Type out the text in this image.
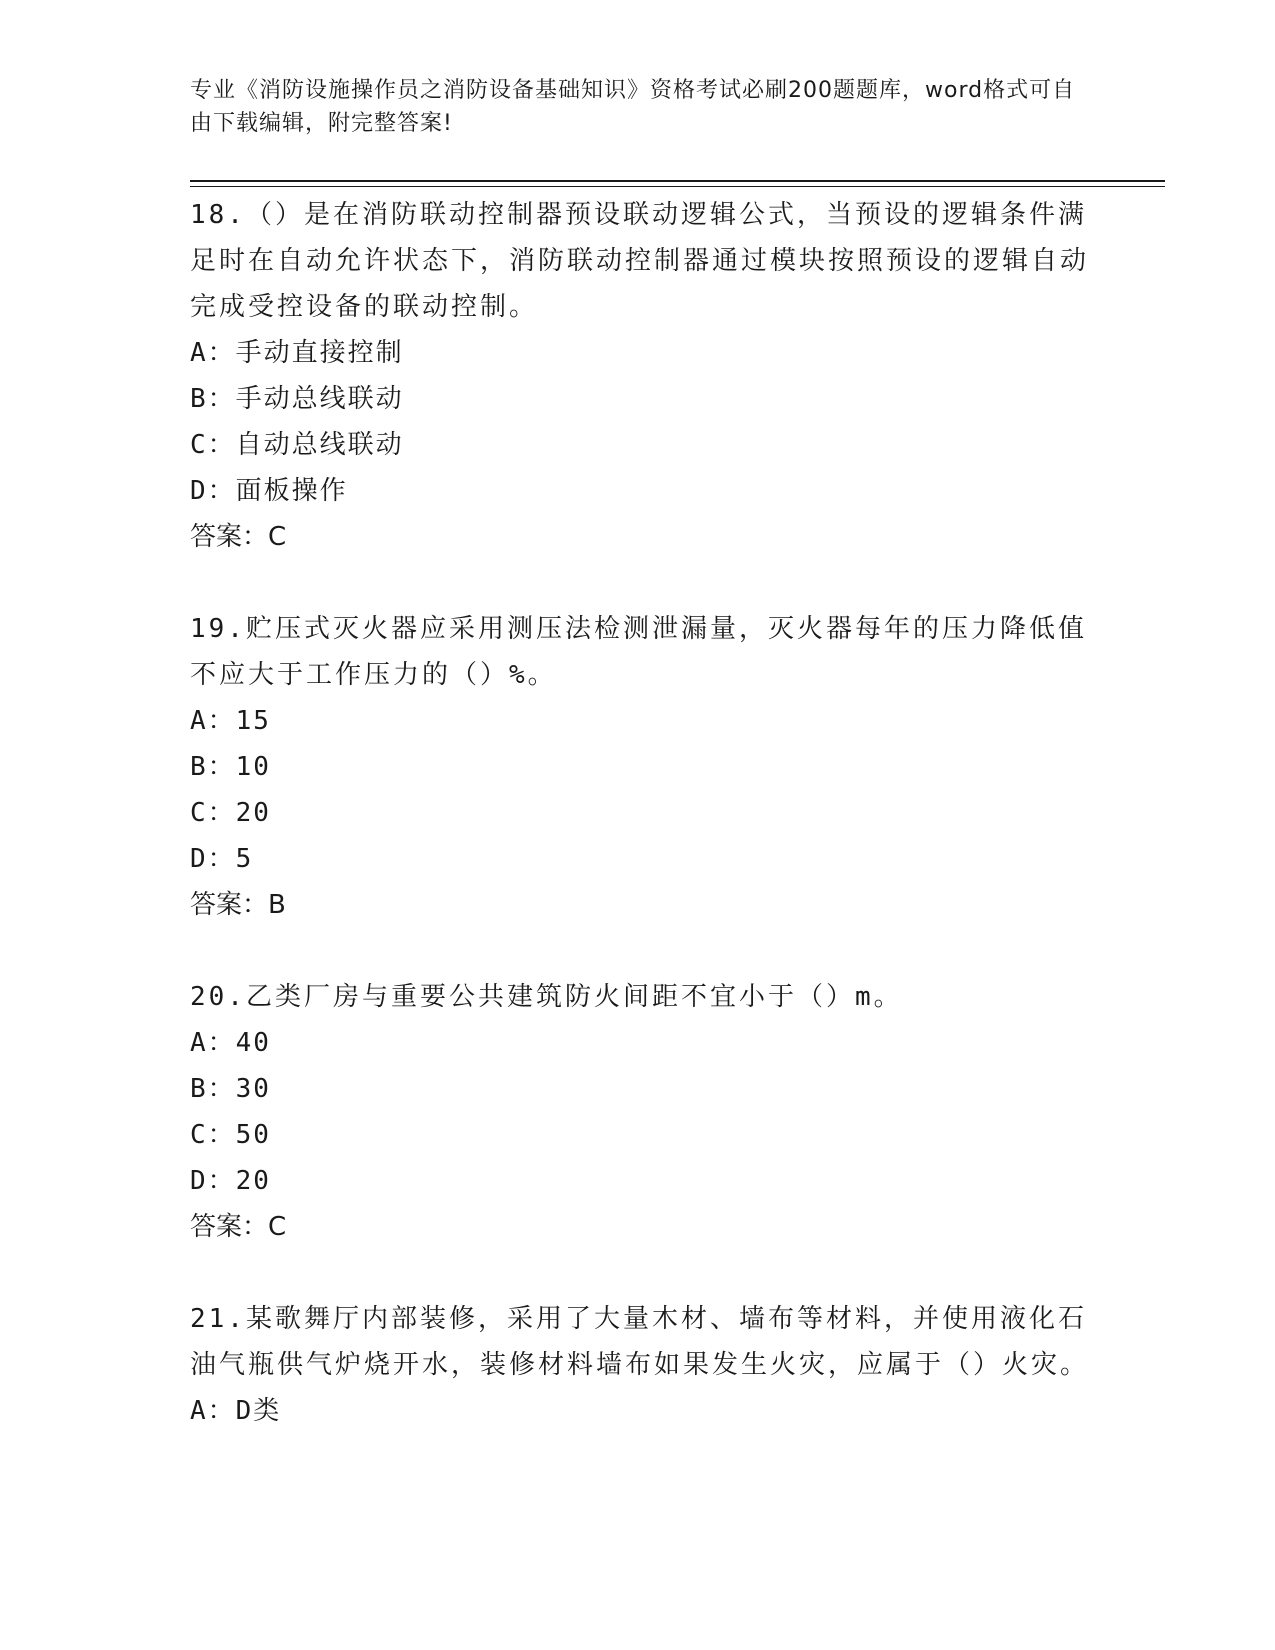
专业《消防设施操作员之消防设备基础知识》资格考试必刷200题题库，word格式可自由下载编辑，附完整答案!

18.（）是在消防联动控制器预设联动逻辑公式，当预设的逻辑条件满足时在自动允许状态下，消防联动控制器通过模块按照预设的逻辑自动完成受控设备的联动控制。

A：手动直接控制
B：手动总线联动
C：自动总线联动
D：面板操作
答案：C

19.贮压式灭火器应采用测压法检测泄漏量，灭火器每年的压力降低值不应大于工作压力的（）%。

A：15
B：10
C：20
D：5
答案：B

20.乙类厂房与重要公共建筑防火间距不宜小于（）m。

A：40
B：30
C：50
D：20
答案：C

21.某歌舞厅内部装修，采用了大量木材、墙布等材料，并使用液化石油气瓶供气炉烧开水，装修材料墙布如果发生火灾，应属于（）火灾。

A：D类
